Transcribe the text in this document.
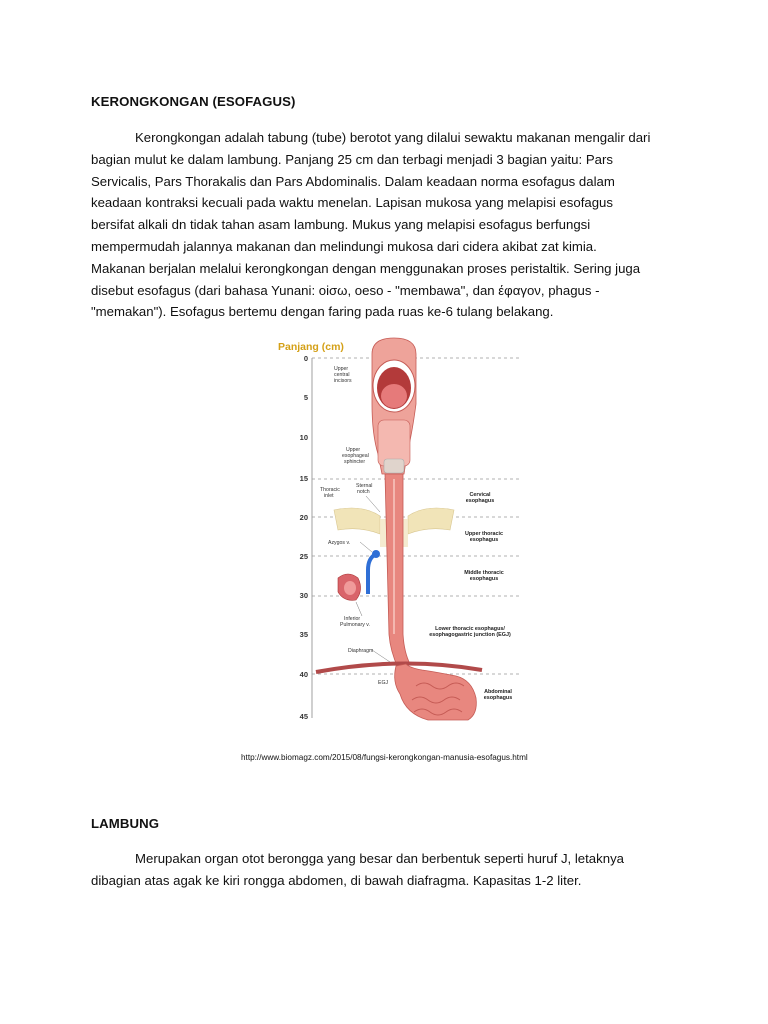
KERONGKONGAN (ESOFAGUS)
Kerongkongan adalah tabung (tube) berotot yang dilalui sewaktu makanan mengalir dari
bagian mulut ke dalam lambung. Panjang 25 cm dan terbagi menjadi 3 bagian yaitu: Pars
Servicalis, Pars Thorakalis dan Pars Abdominalis. Dalam keadaan norma esofagus dalam
keadaan kontraksi kecuali pada waktu menelan. Lapisan mukosa yang melapisi esofagus
bersifat alkali dn tidak tahan asam lambung. Mukus yang melapisi esofagus berfungsi
mempermudah jalannya makanan dan melindungi mukosa dari cidera akibat zat kimia.
Makanan berjalan melalui kerongkongan dengan menggunakan proses peristaltik. Sering juga
disebut esofagus (dari bahasa Yunani: οiσω, oeso - "membawa", dan έφαγον, phagus -
"memakan"). Esofagus bertemu dengan faring pada ruas ke-6 tulang belakang.
Panjang (cm)
0
5
10
15
20
25
30
35
40
45
Upper
central
incisors
Upper
esophageal
sphincter
Thoracic
inlet
Sternal
notch
Azygos v.
Inferior
Pulmonary v.
Diaphragm
EGJ
Cervical
esophagus
Upper thoracic
esophagus
Middle thoracic
esophagus
Lower thoracic esophagus/
esophagogastric junction (EGJ)
Abdominal
esophagus
http://www.biomagz.com/2015/08/fungsi-kerongkongan-manusia-esofagus.html
LAMBUNG
Merupakan organ otot berongga yang besar dan berbentuk seperti huruf J, letaknya
dibagian atas agak ke kiri rongga abdomen, di bawah diafragma. Kapasitas 1-2 liter.
